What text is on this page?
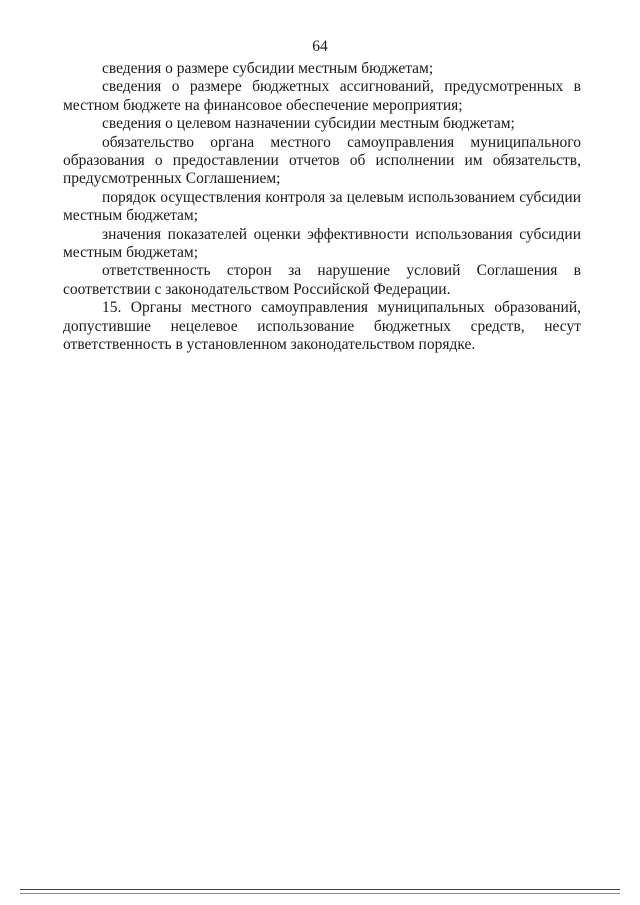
64

сведения о размере субсидии местным бюджетам;

сведения о размере бюджетных ассигнований, предусмотренных в местном бюджете на финансовое обеспечение мероприятия;

сведения о целевом назначении субсидии местным бюджетам;

обязательство органа местного самоуправления муниципального образования о предоставлении отчетов об исполнении им обязательств, предусмотренных Соглашением;

порядок осуществления контроля за целевым использованием субсидии местным бюджетам;

значения показателей оценки эффективности использования субсидии местным бюджетам;

ответственность сторон за нарушение условий Соглашения в соответствии с законодательством Российской Федерации.

15. Органы местного самоуправления муниципальных образований, допустившие нецелевое использование бюджетных средств, несут ответственность в установленном законодательством порядке.
